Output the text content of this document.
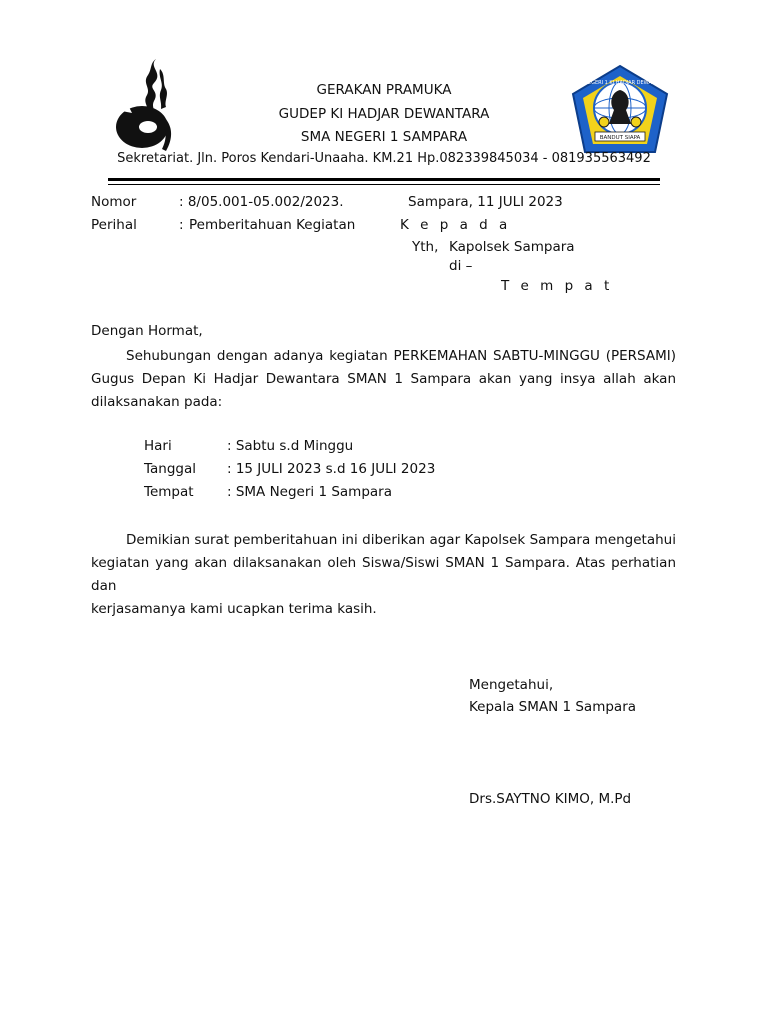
BANDUT SIAPA
SMA NEGERI 1 KI HADJAR DEWANTARA
GERAKAN PRAMUKA
GUDEP KI HADJAR DEWANTARA
SMA NEGERI 1 SAMPARA
Sekretariat. Jln. Poros Kendari-Unaaha. KM.21 Hp.082339845034 - 081935563492
Nomor	: 8/05.001-05.002/2023.	Sampara, 11 JULI 2023
Perihal	: Pemberitahuan Kegiatan	K e p a d a
Yth, Kapolsek Sampara
di –
T e m p a t
Dengan Hormat,
Sehubungan dengan adanya kegiatan PERKEMAHAN SABTU-MINGGU (PERSAMI)
Gugus Depan Ki Hadjar Dewantara SMAN 1 Sampara akan yang insya allah akan
dilaksanakan pada:
Hari	: Sabtu s.d Minggu
Tanggal : 15 JULI 2023 s.d 16 JULI 2023
Tempat : SMA Negeri 1 Sampara
Demikian surat pemberitahuan ini diberikan agar Kapolsek Sampara mengetahui
kegiatan yang akan dilaksanakan oleh Siswa/Siswi SMAN 1 Sampara. Atas perhatian dan
kerjasamanya kami ucapkan terima kasih.
Mengetahui,
Kepala SMAN 1 Sampara
Drs.SAYTNO KIMO, M.Pd
